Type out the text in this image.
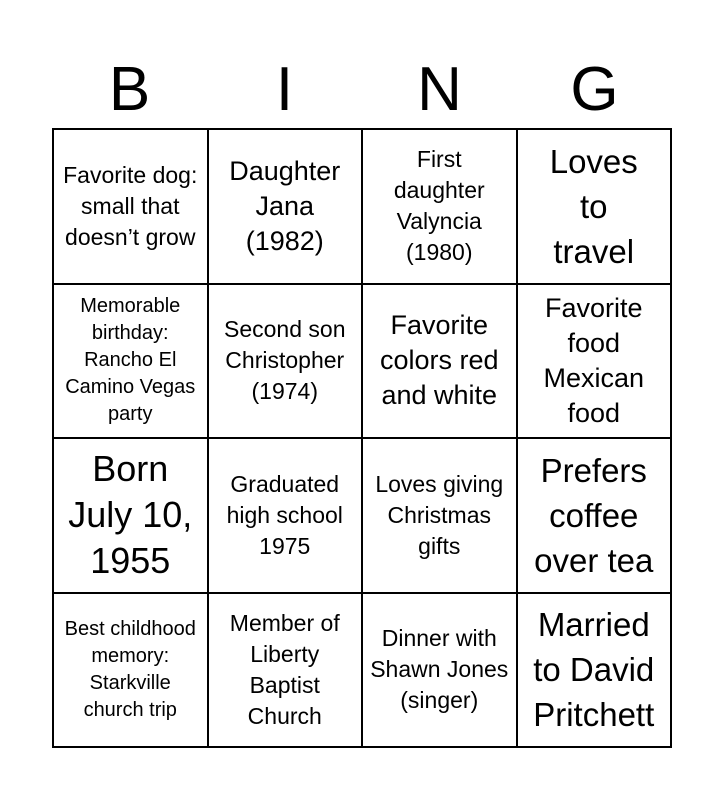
B	I	N	G
Favorite dog: small that doesn’t grow
Daughter Jana (1982)
First daughter Valyncia (1980)
Loves to travel
Memorable birthday: Rancho El Camino Vegas party
Second son Christopher (1974)
Favorite colors red and white
Favorite food Mexican food
Born July 10, 1955
Graduated high school 1975
Loves giving Christmas gifts
Prefers coffee over tea
Best childhood memory: Starkville church trip
Member of Liberty Baptist Church
Dinner with Shawn Jones (singer)
Married to David Pritchett
